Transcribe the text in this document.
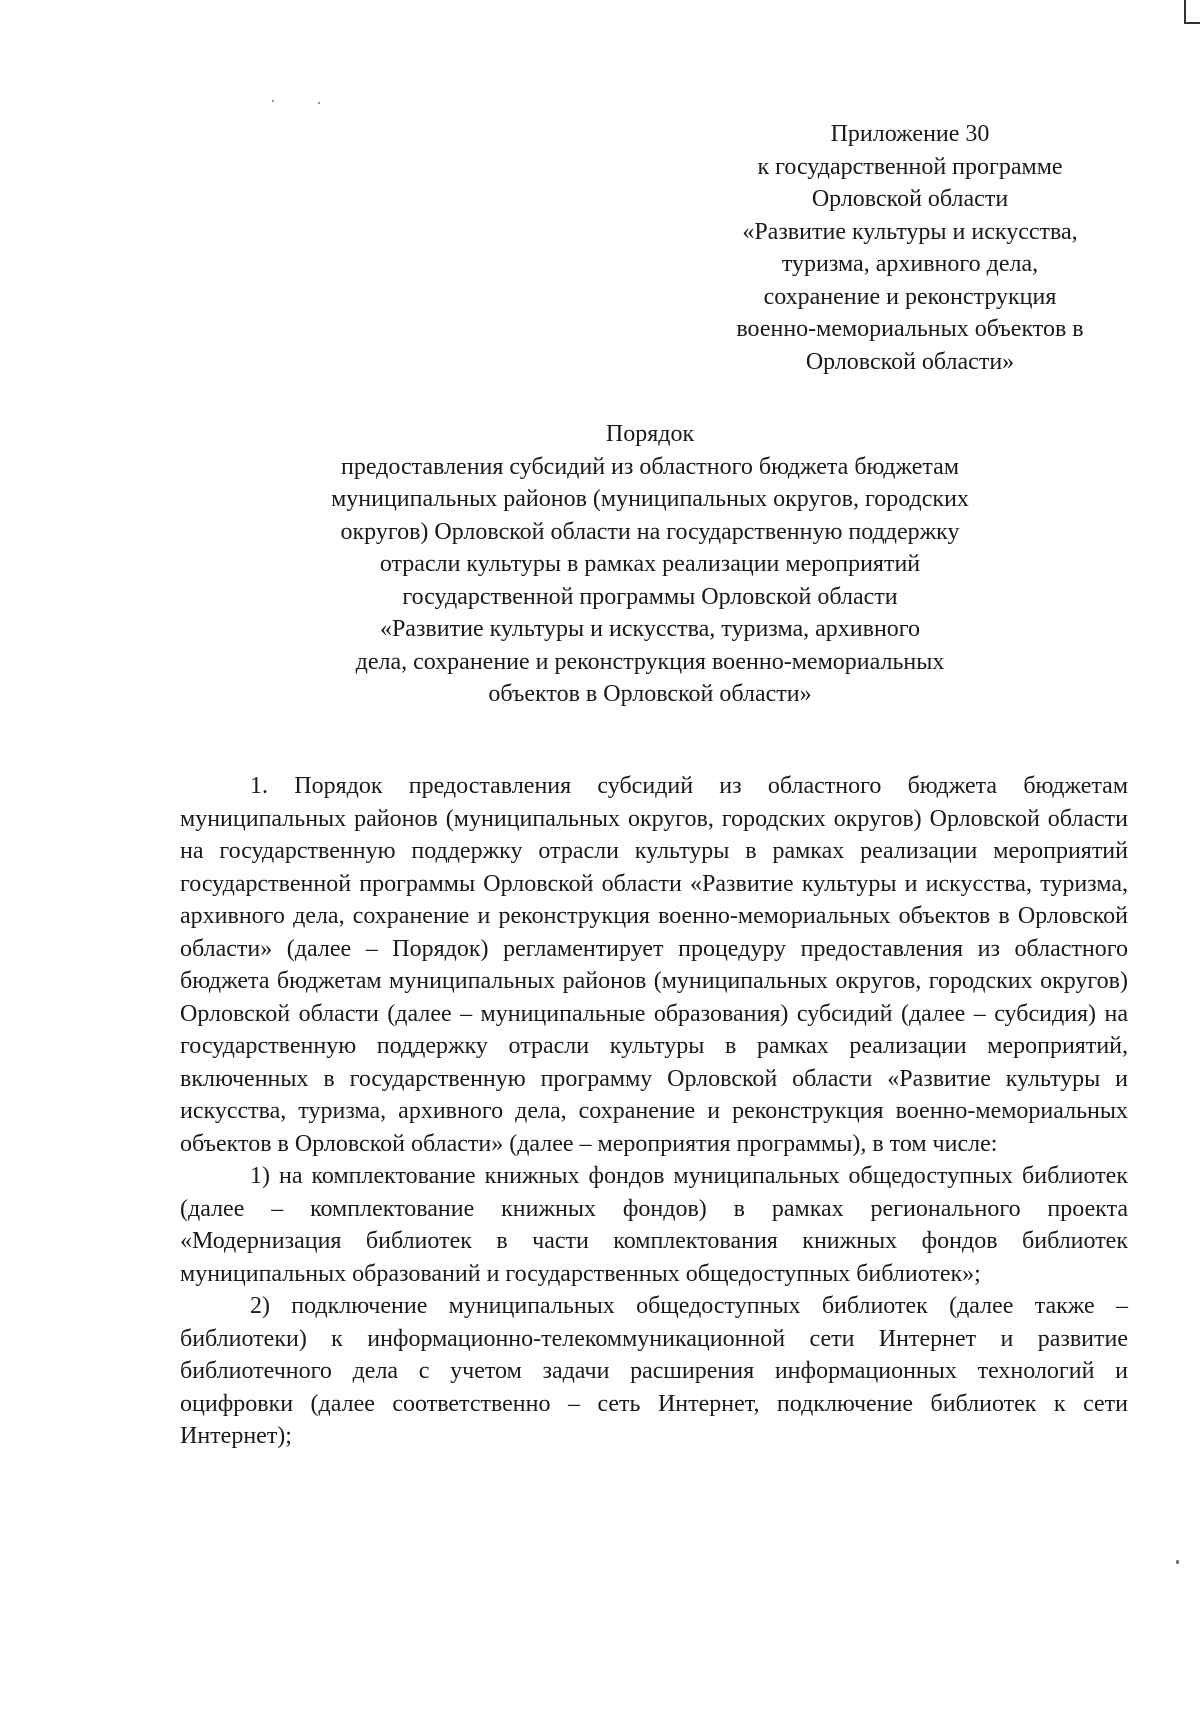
Приложение 30
к государственной программе
Орловской области
«Развитие культуры и искусства,
туризма, архивного дела,
сохранение и реконструкция
военно-мемориальных объектов в
Орловской области»
Порядок
предоставления субсидий из областного бюджета бюджетам
муниципальных районов (муниципальных округов, городских
округов) Орловской области на государственную поддержку
отрасли культуры в рамках реализации мероприятий
государственной программы Орловской области
«Развитие культуры и искусства, туризма, архивного
дела, сохранение и реконструкция военно-мемориальных
объектов в Орловской области»

1. Порядок предоставления субсидий из областного бюджета бюджетам муниципальных районов (муниципальных округов, городских округов) Орловской области на государственную поддержку отрасли культуры в рамках реализации мероприятий государственной программы Орловской области «Развитие культуры и искусства, туризма, архивного дела, сохранение и реконструкция военно-мемориальных объектов в Орловской области» (далее – Порядок) регламентирует процедуру предоставления из областного бюджета бюджетам муниципальных районов (муниципальных округов, городских округов) Орловской области (далее – муниципальные образования) субсидий (далее – субсидия) на государственную поддержку отрасли культуры в рамках реализации мероприятий, включенных в государственную программу Орловской области «Развитие культуры и искусства, туризма, архивного дела, сохранение и реконструкция военно-мемориальных объектов в Орловской области» (далее – мероприятия программы), в том числе:

1) на комплектование книжных фондов муниципальных общедоступных библиотек (далее – комплектование книжных фондов) в рамках регионального проекта «Модернизация библиотек в части комплектования книжных фондов библиотек муниципальных образований и государственных общедоступных библиотек»;

2) подключение муниципальных общедоступных библиотек (далее также – библиотеки) к информационно-телекоммуникационной сети Интернет и развитие библиотечного дела с учетом задачи расширения информационных технологий и оцифровки (далее соответственно – сеть Интернет, подключение библиотек к сети Интернет);
